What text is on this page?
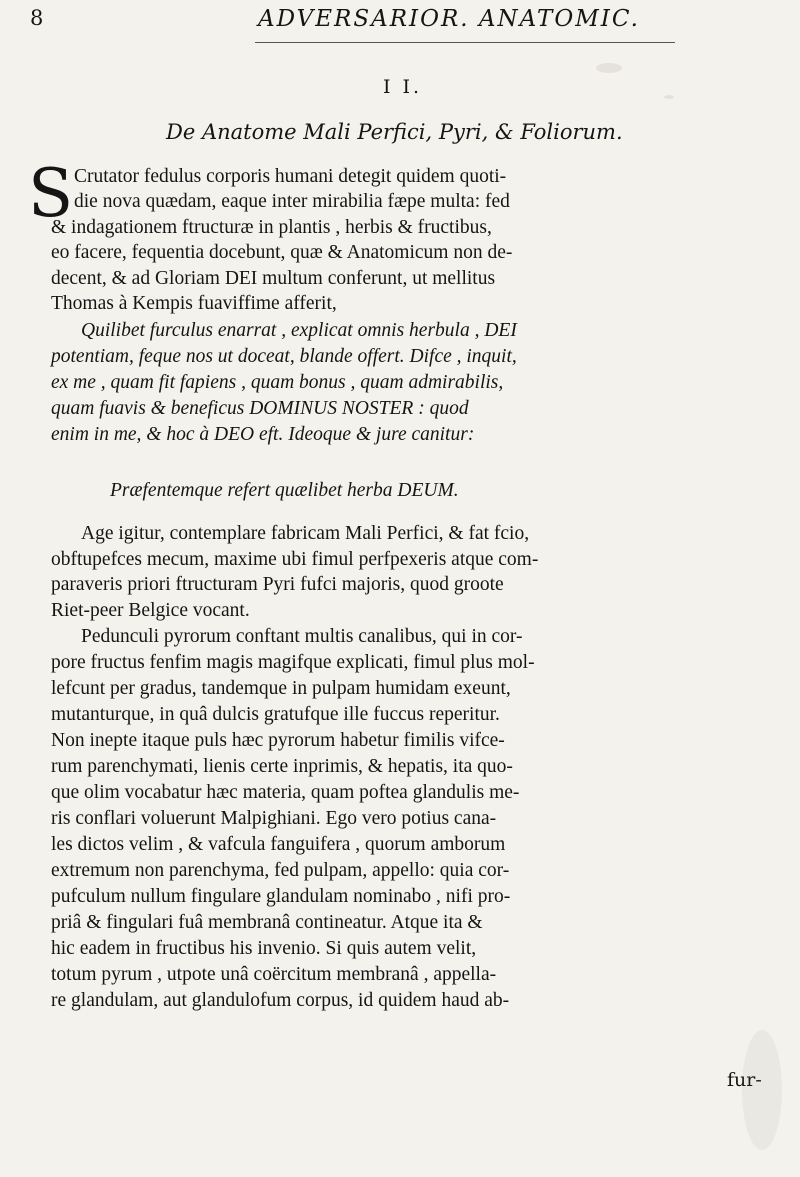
8	ADVERSARIOR. ANATOMIC.
I I.
De Anatome Mali Perfici, Pyri, & Foliorum.
S Crutator fedulus corporis humani detegit quidem quoti-
die nova quædam, eaque inter mirabilia fæpe multa: fed
& indagationem ftructuræ in plantis , herbis & fructibus,
eo facere, fequentia docebunt, quæ & Anatomicum non de-
decent, & ad Gloriam DEI multum conferunt, ut mellitus
Thomas à Kempis fuaviffime afferit,
Quilibet furculus enarrat , explicat omnis herbula , DEI
potentiam, feque nos ut doceat, blande offert. Difce , inquit,
ex me , quam fit fapiens , quam bonus , quam admirabilis,
quam fuavis & beneficus DOMINUS NOSTER : quod
enim in me, & hoc à DEO eft. Ideoque & jure canitur:
Præfentemque refert quælibet herba DEUM.
Age igitur, contemplare fabricam Mali Perfici, & fat fcio,
obftupefces mecum, maxime ubi fimul perfpexeris atque com-
paraveris priori ftructuram Pyri fufci majoris, quod groote
Riet-peer Belgice vocant.
Pedunculi pyrorum conftant multis canalibus, qui in cor-
pore fructus fenfim magis magifque explicati, fimul plus mol-
lefcunt per gradus, tandemque in pulpam humidam exeunt,
mutanturque, in quâ dulcis gratufque ille fuccus reperitur.
Non inepte itaque puls hæc pyrorum habetur fimilis vifce-
rum parenchymati, lienis certe inprimis, & hepatis, ita quo-
que olim vocabatur hæc materia, quam poftea glandulis me-
ris conflari voluerunt Malpighiani. Ego vero potius cana-
les dictos velim , & vafcula fanguifera , quorum amborum
extremum non parenchyma, fed pulpam, appello: quia cor-
pufculum nullum fingulare glandulam nominabo , nifi pro-
priâ & fingulari fuâ membranâ contineatur. Atque ita &
hic eadem in fructibus his invenio. Si quis autem velit,
totum pyrum , utpote unâ coërcitum membranâ , appella-
re glandulam, aut glandulofum corpus, id quidem haud ab-
fur-
